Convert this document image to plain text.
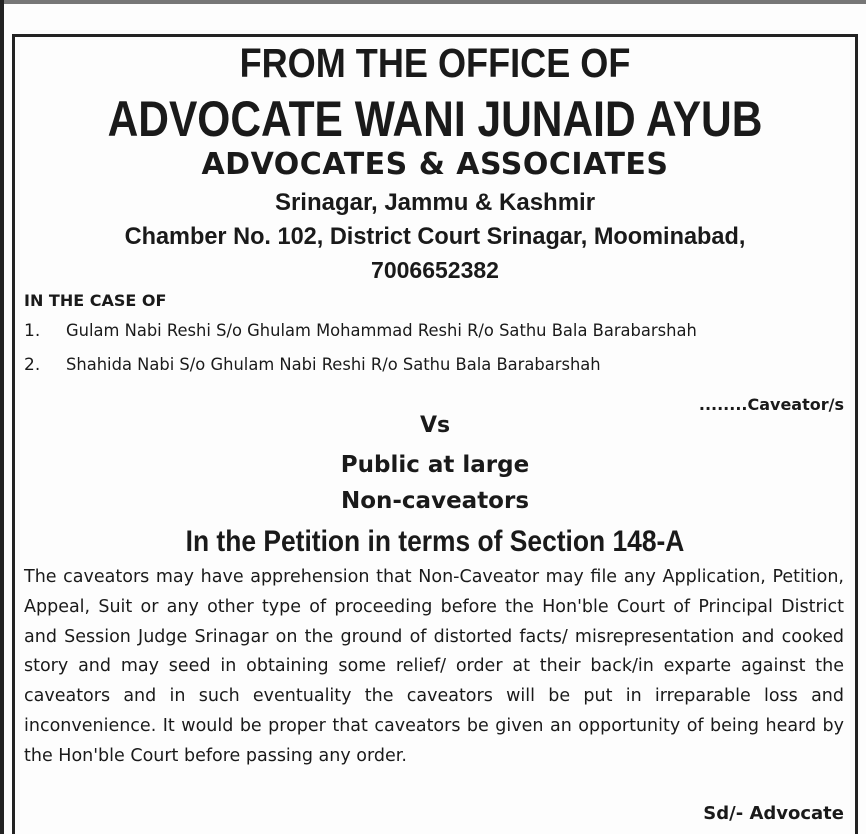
FROM THE OFFICE OF
ADVOCATE WANI JUNAID AYUB
ADVOCATES & ASSOCIATES
Srinagar, Jammu & Kashmir
Chamber No. 102, District Court Srinagar, Moominabad,
7006652382
IN THE CASE OF
1. Gulam Nabi Reshi S/o Ghulam Mohammad Reshi R/o Sathu Bala Barabarshah
2. Shahida Nabi S/o Ghulam Nabi Reshi R/o Sathu Bala Barabarshah
........Caveator/s
Vs
Public at large
Non-caveators
In the Petition in terms of Section 148-A
The caveators may have apprehension that Non-Caveator may file any Application, Petition, Appeal, Suit or any other type of proceeding before the Hon'ble Court of Principal District and Session Judge Srinagar on the ground of distorted facts/ misrepresentation and cooked story and may seed in obtaining some relief/ order at their back/in exparte against the caveators and in such eventuality the caveators will be put in irreparable loss and inconvenience. It would be proper that caveators be given an opportunity of being heard by the Hon'ble Court before passing any order.
Sd/- Advocate
